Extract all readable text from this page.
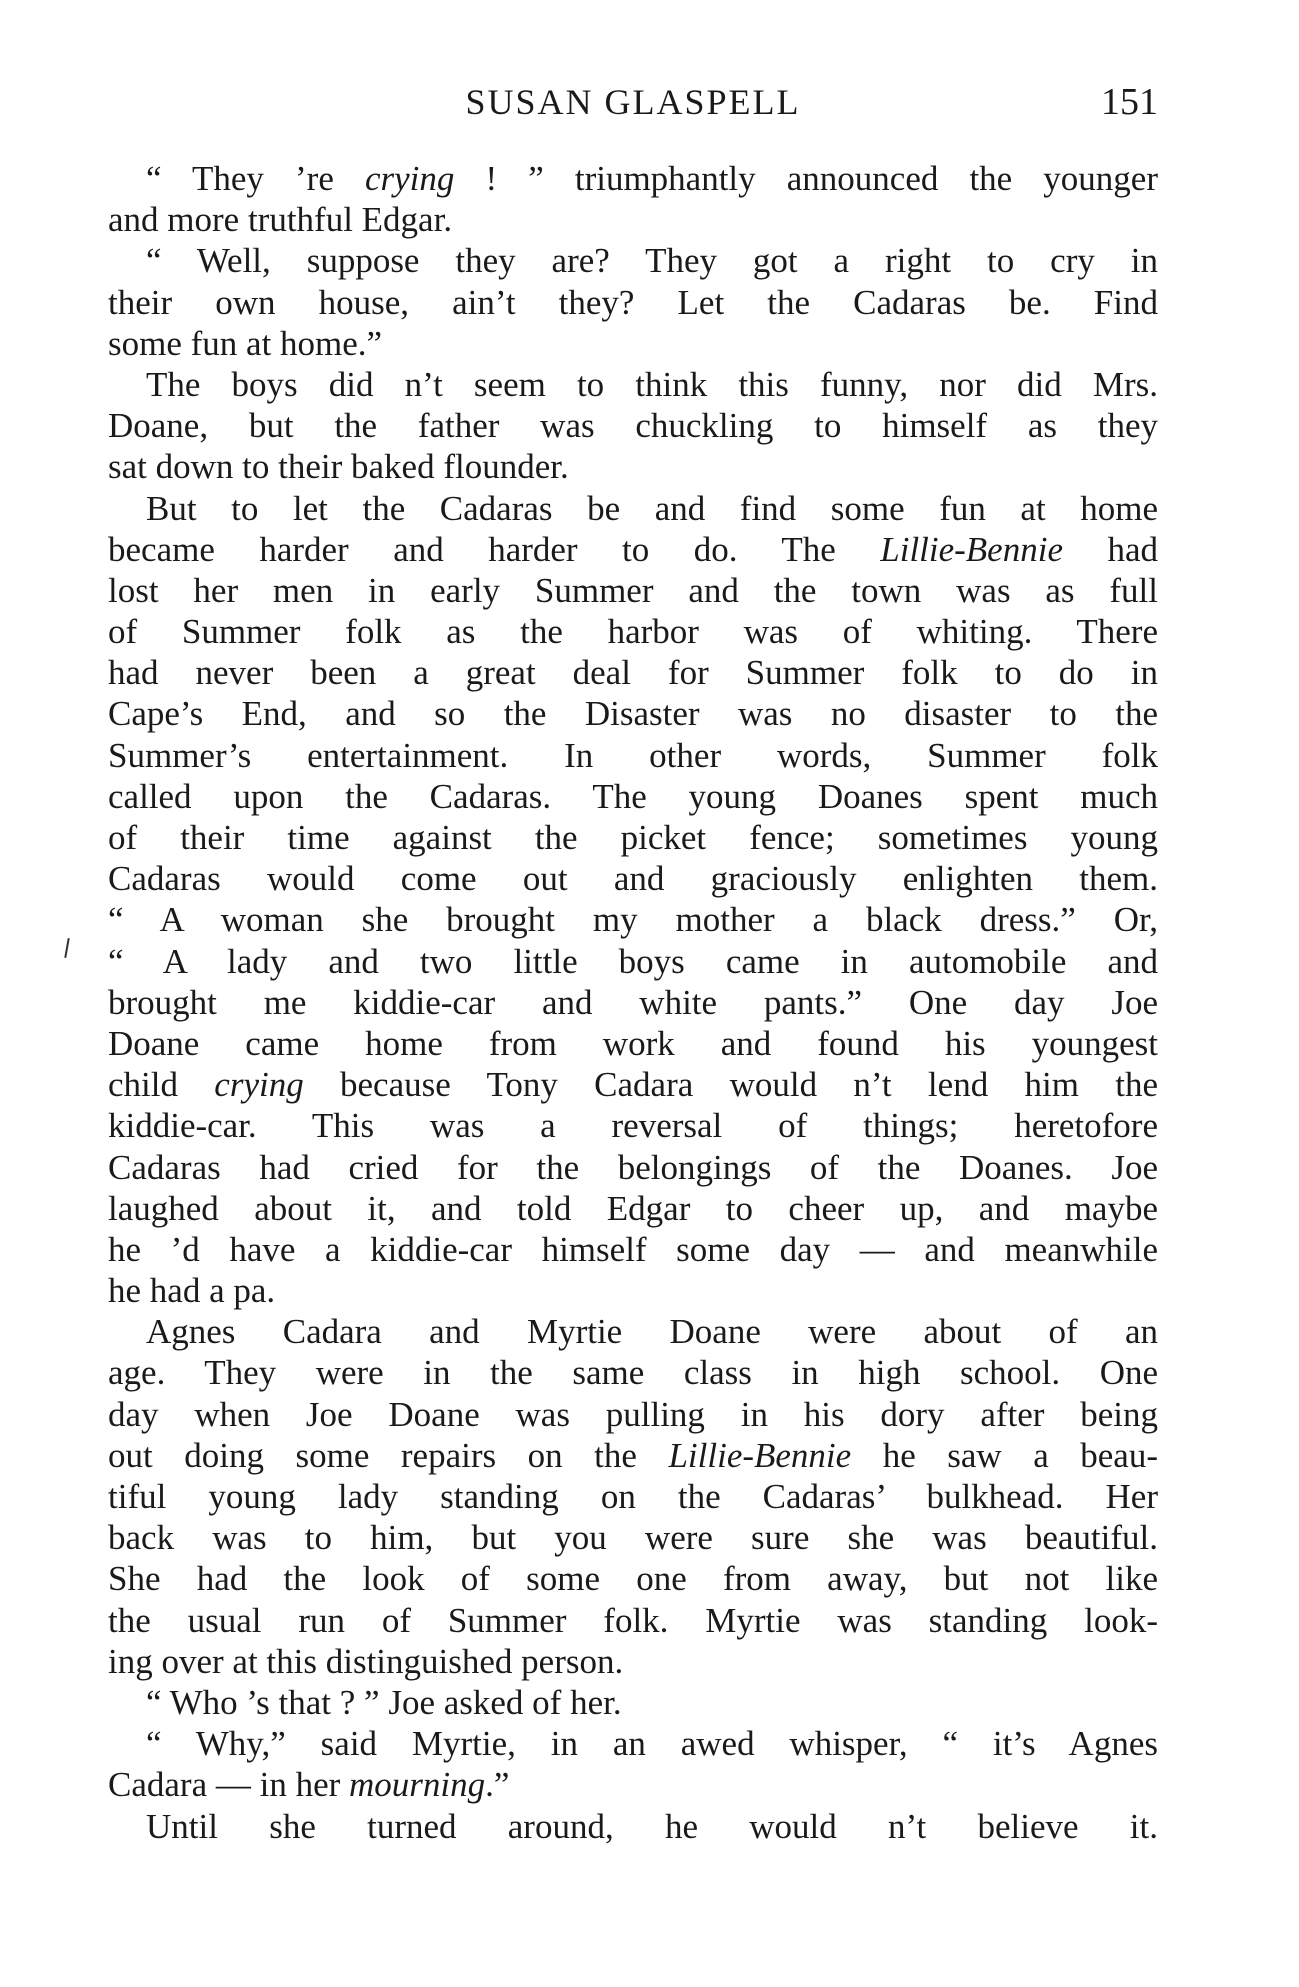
SUSAN GLASPELL	151
“ They ’re crying ! ” triumphantly announced the younger
and more truthful Edgar.
“ Well, suppose they are? They got a right to cry in
their own house, ain’t they? Let the Cadaras be. Find
some fun at home.”
The boys did n’t seem to think this funny, nor did Mrs.
Doane, but the father was chuckling to himself as they
sat down to their baked flounder.
But to let the Cadaras be and find some fun at home
became harder and harder to do. The Lillie-Bennie had
lost her men in early Summer and the town was as full
of Summer folk as the harbor was of whiting. There
had never been a great deal for Summer folk to do in
Cape’s End, and so the Disaster was no disaster to the
Summer’s entertainment. In other words, Summer folk
called upon the Cadaras. The young Doanes spent much
of their time against the picket fence; sometimes young
Cadaras would come out and graciously enlighten them.
“ A woman she brought my mother a black dress.” Or,
“ A lady and two little boys came in automobile and
brought me kiddie-car and white pants.” One day Joe
Doane came home from work and found his youngest
child crying because Tony Cadara would n’t lend him the
kiddie-car. This was a reversal of things; heretofore
Cadaras had cried for the belongings of the Doanes. Joe
laughed about it, and told Edgar to cheer up, and maybe
he ’d have a kiddie-car himself some day — and meanwhile
he had a pa.
Agnes Cadara and Myrtie Doane were about of an
age. They were in the same class in high school. One
day when Joe Doane was pulling in his dory after being
out doing some repairs on the Lillie-Bennie he saw a beau-
tiful young lady standing on the Cadaras’ bulkhead. Her
back was to him, but you were sure she was beautiful.
She had the look of some one from away, but not like
the usual run of Summer folk. Myrtie was standing look-
ing over at this distinguished person.
“ Who ’s that ? ” Joe asked of her.
“ Why,” said Myrtie, in an awed whisper, “ it’s Agnes
Cadara — in her mourning.”
Until she turned around, he would n’t believe it.
